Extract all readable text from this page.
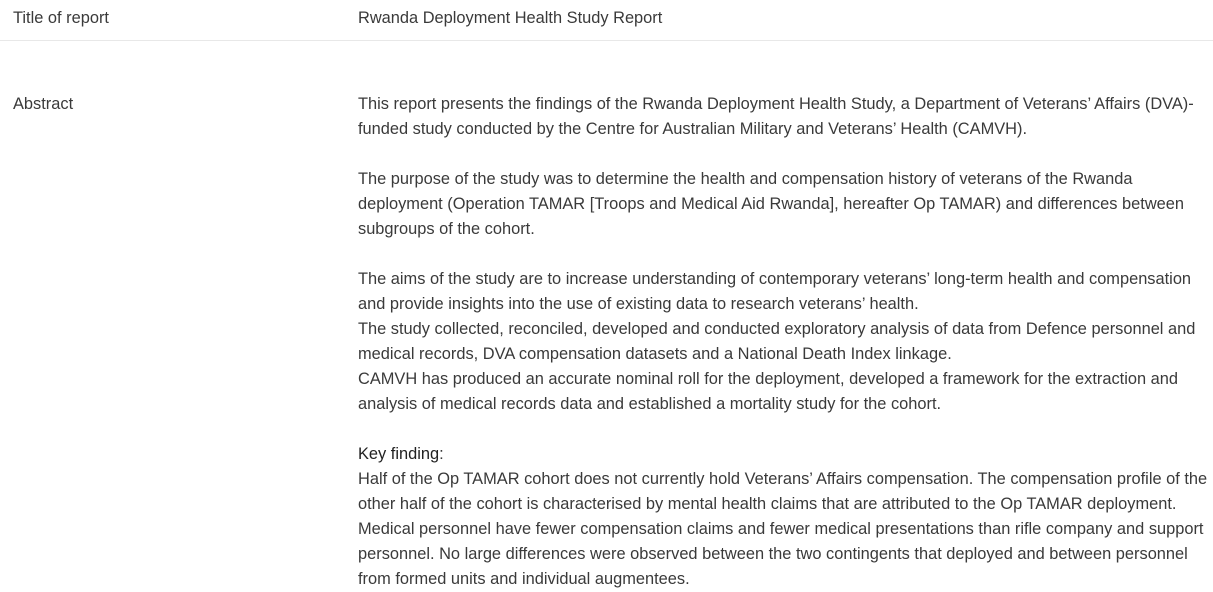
Title of report	Rwanda Deployment Health Study Report
Abstract	This report presents the findings of the Rwanda Deployment Health Study, a Department of Veterans’ Affairs (DVA)-funded study conducted by the Centre for Australian Military and Veterans’ Health (CAMVH).

The purpose of the study was to determine the health and compensation history of veterans of the Rwanda deployment (Operation TAMAR [Troops and Medical Aid Rwanda], hereafter Op TAMAR) and differences between subgroups of the cohort.

The aims of the study are to increase understanding of contemporary veterans’ long-term health and compensation and provide insights into the use of existing data to research veterans’ health.
The study collected, reconciled, developed and conducted exploratory analysis of data from Defence personnel and medical records, DVA compensation datasets and a National Death Index linkage.
CAMVH has produced an accurate nominal roll for the deployment, developed a framework for the extraction and analysis of medical records data and established a mortality study for the cohort.

Key finding:

Half of the Op TAMAR cohort does not currently hold Veterans’ Affairs compensation. The compensation profile of the other half of the cohort is characterised by mental health claims that are attributed to the Op TAMAR deployment. Medical personnel have fewer compensation claims and fewer medical presentations than rifle company and support personnel. No large differences were observed between the two contingents that deployed and between personnel from formed units and individual augmentees.
